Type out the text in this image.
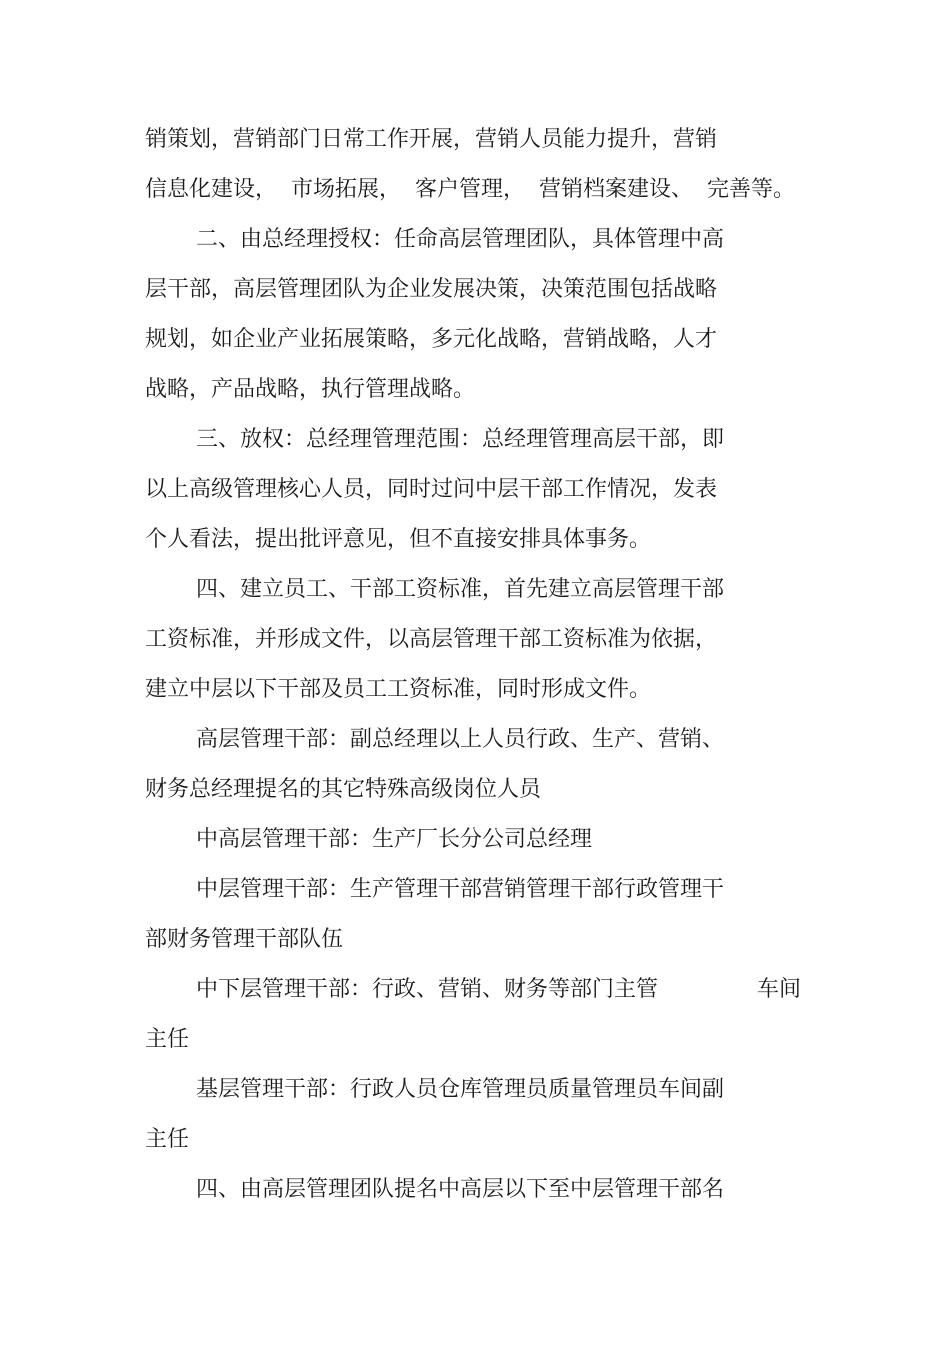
销策划，营销部门日常工作开展，营销人员能力提升，营销
信息化建设，  市场拓展，  客户管理，  营销档案建设、  完善等。
二、由总经理授权：任命高层管理团队，具体管理中高
层干部，高层管理团队为企业发展决策，决策范围包括战略
规划，如企业产业拓展策略，多元化战略，营销战略，人才
战略，产品战略，执行管理战略。
三、放权：总经理管理范围：总经理管理高层干部，即
以上高级管理核心人员，同时过问中层干部工作情况，发表
个人看法，提出批评意见，但不直接安排具体事务。
四、建立员工、干部工资标准，首先建立高层管理干部
工资标准，并形成文件，以高层管理干部工资标准为依据，
建立中层以下干部及员工工资标准，同时形成文件。
高层管理干部：副总经理以上人员行政、生产、营销、
财务总经理提名的其它特殊高级岗位人员
中高层管理干部：生产厂长分公司总经理
中层管理干部：生产管理干部营销管理干部行政管理干
部财务管理干部队伍
中下层管理干部：行政、营销、财务等部门主管	车间
主任
基层管理干部：行政人员仓库管理员质量管理员车间副
主任
四、由高层管理团队提名中高层以下至中层管理干部名
